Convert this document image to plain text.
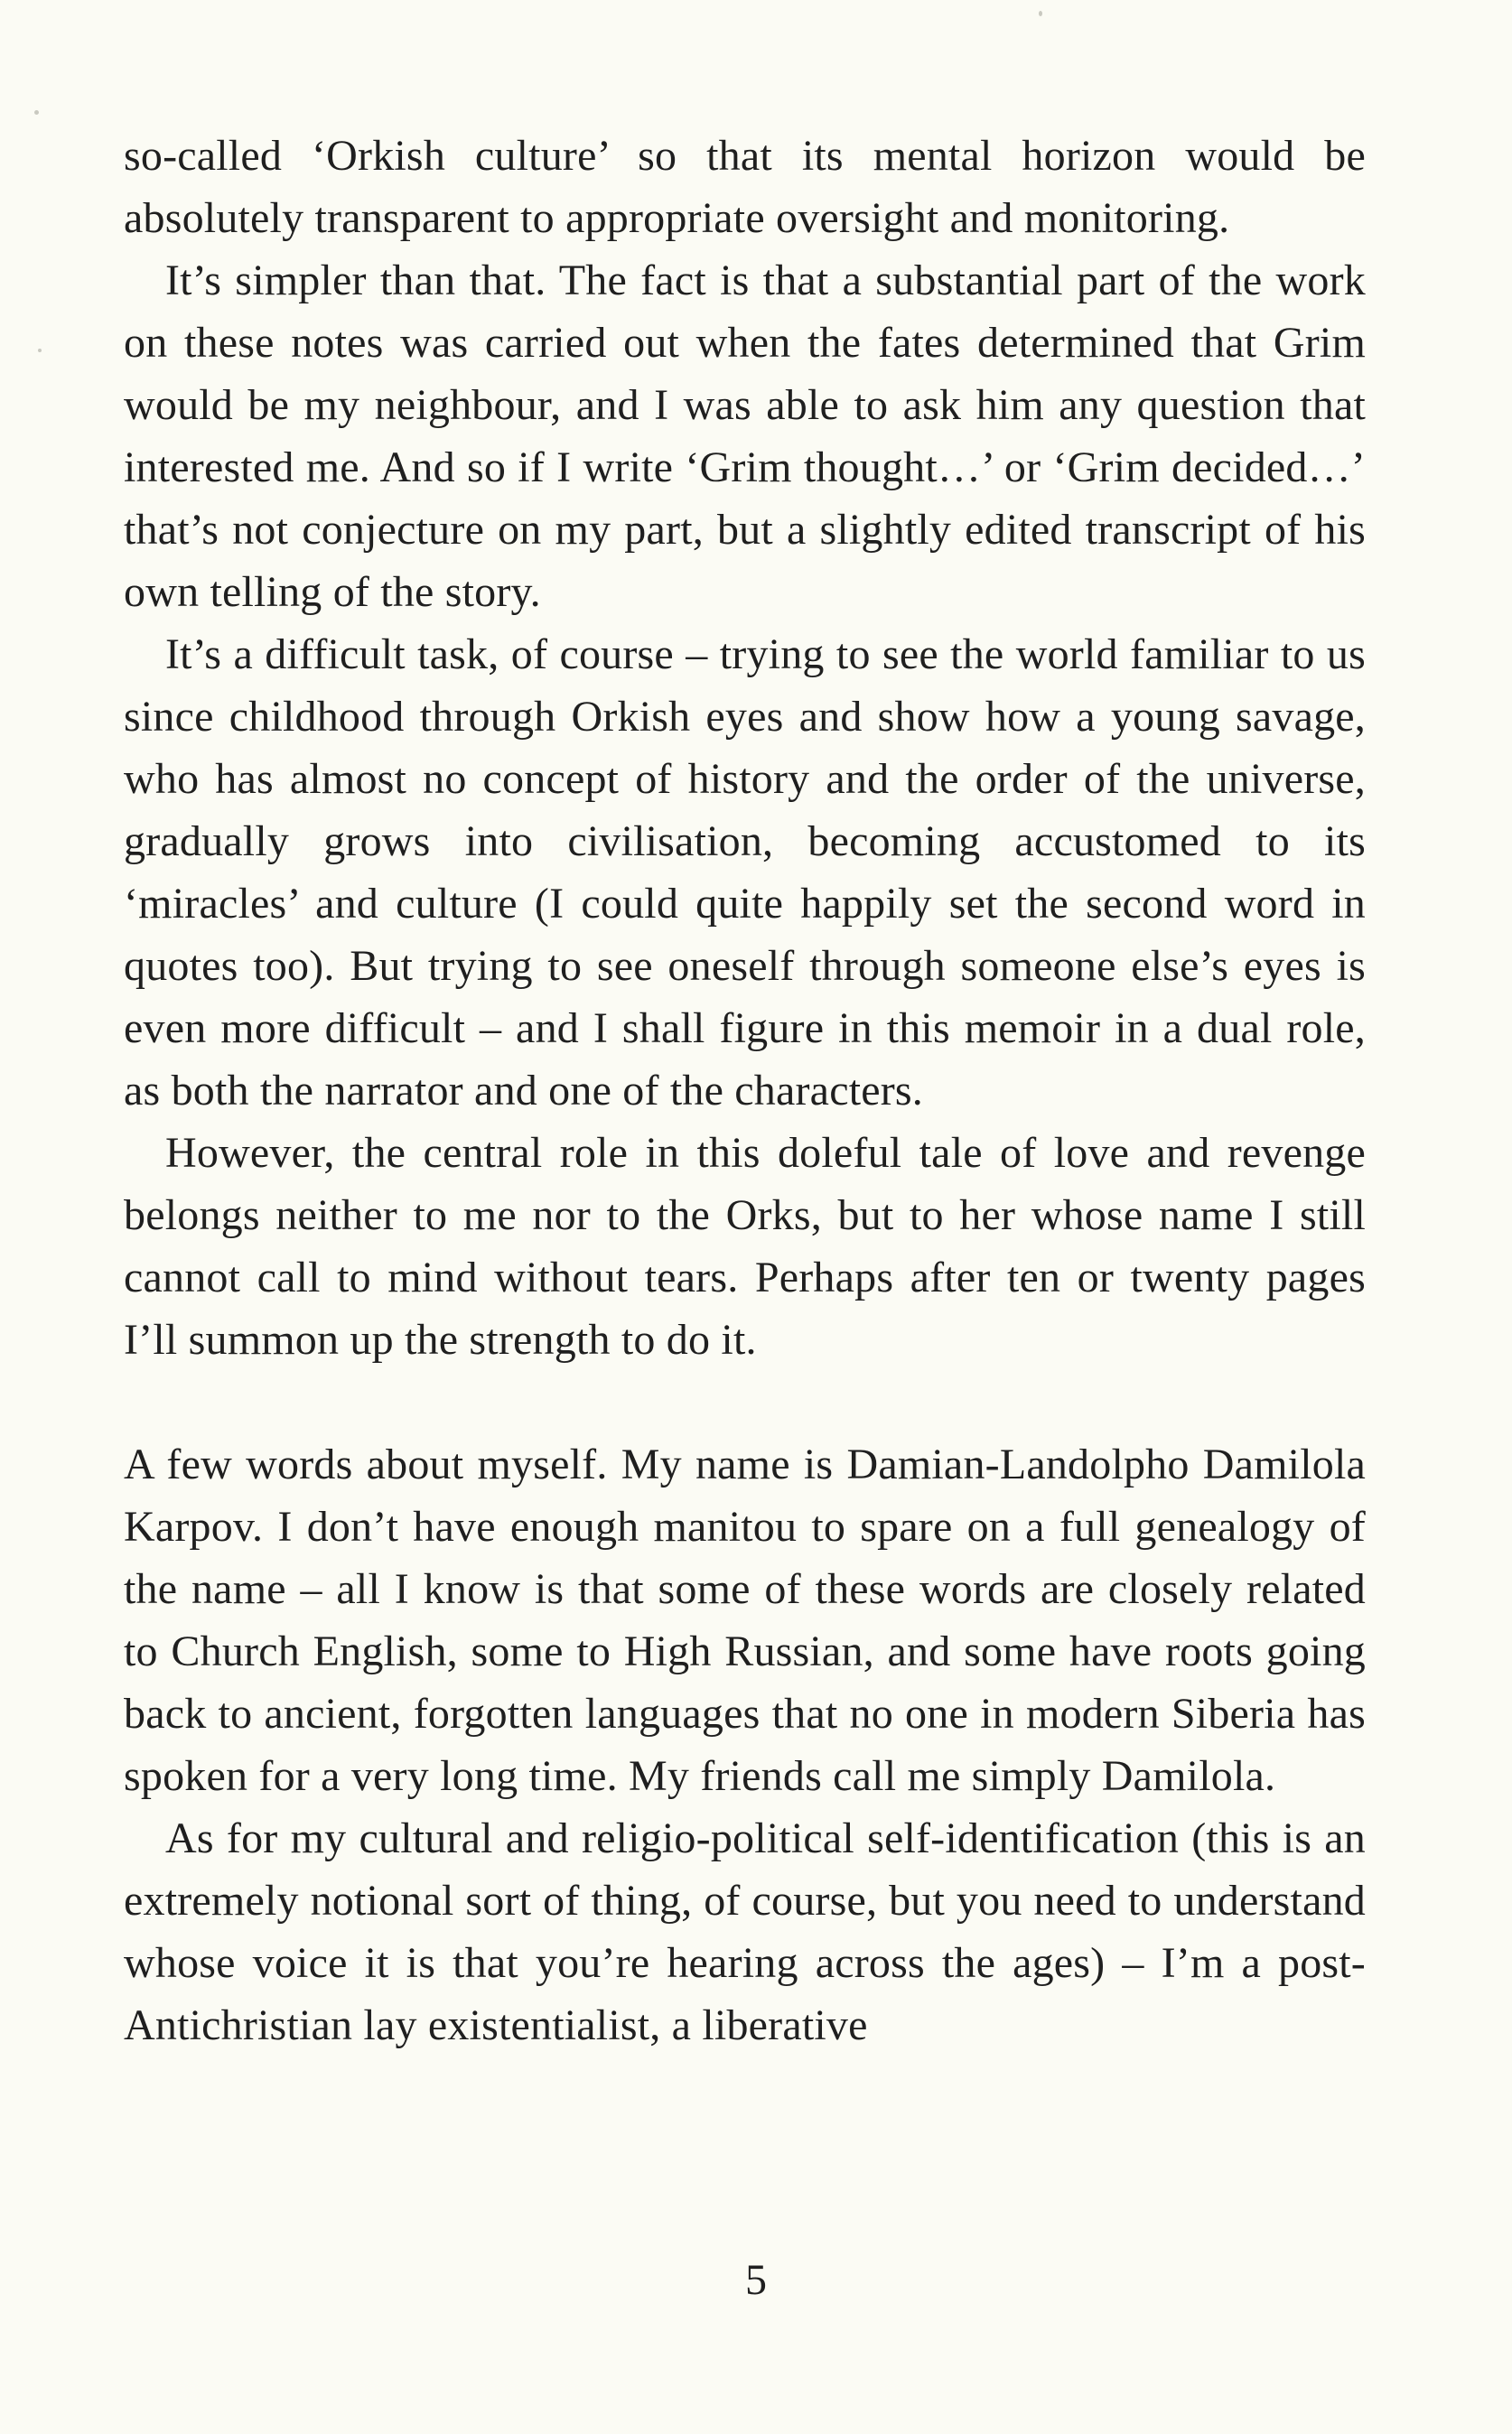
so-called ‘Orkish culture’ so that its mental horizon would be absolutely transparent to appropriate oversight and monitoring.

It’s simpler than that. The fact is that a substantial part of the work on these notes was carried out when the fates determined that Grim would be my neighbour, and I was able to ask him any question that interested me. And so if I write ‘Grim thought…’ or ‘Grim decided…’ that’s not conjecture on my part, but a slightly edited transcript of his own telling of the story.

It’s a difficult task, of course – trying to see the world familiar to us since childhood through Orkish eyes and show how a young savage, who has almost no concept of history and the order of the universe, gradually grows into civilisation, becoming accustomed to its ‘miracles’ and culture (I could quite happily set the second word in quotes too). But trying to see oneself through someone else’s eyes is even more difficult – and I shall figure in this memoir in a dual role, as both the narrator and one of the characters.

However, the central role in this doleful tale of love and revenge belongs neither to me nor to the Orks, but to her whose name I still cannot call to mind without tears. Perhaps after ten or twenty pages I’ll summon up the strength to do it.

A few words about myself. My name is Damian-Landolpho Damilola Karpov. I don’t have enough manitou to spare on a full genealogy of the name – all I know is that some of these words are closely related to Church English, some to High Russian, and some have roots going back to ancient, forgotten languages that no one in modern Siberia has spoken for a very long time. My friends call me simply Damilola.

As for my cultural and religio-political self-identification (this is an extremely notional sort of thing, of course, but you need to understand whose voice it is that you’re hearing across the ages) – I’m a post-Antichristian lay existentialist, a liberative

5
